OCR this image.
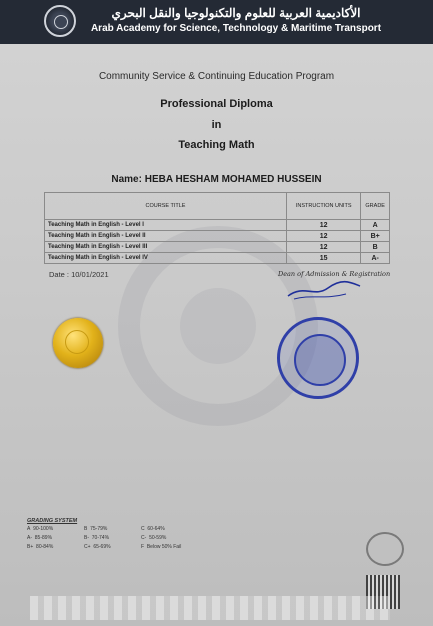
الأكاديمية العربية للعلوم والتكنولوجيا والنقل البحري
Arab Academy for Science, Technology & Maritime Transport
Community Service & Continuing Education Program
Professional Diploma
in
Teaching Math
Name: HEBA HESHAM MOHAMED HUSSEIN
COURSE TITLE	INSTRUCTION UNITS	GRADE
Teaching Math in English - Level I	12	A
Teaching Math in English - Level II	12	B+
Teaching Math in English - Level III	12	B
Teaching Math in English - Level IV	15	A-
Date : 10/01/2021	Dean of Admission & Registration
GRADING SYSTEM
A 90-100%	B 75-79%	C 60-64%
A- 85-89%	B- 70-74%	C- 50-59%
B+ 80-84%	C+ 65-69%	F Below 50% Fail
